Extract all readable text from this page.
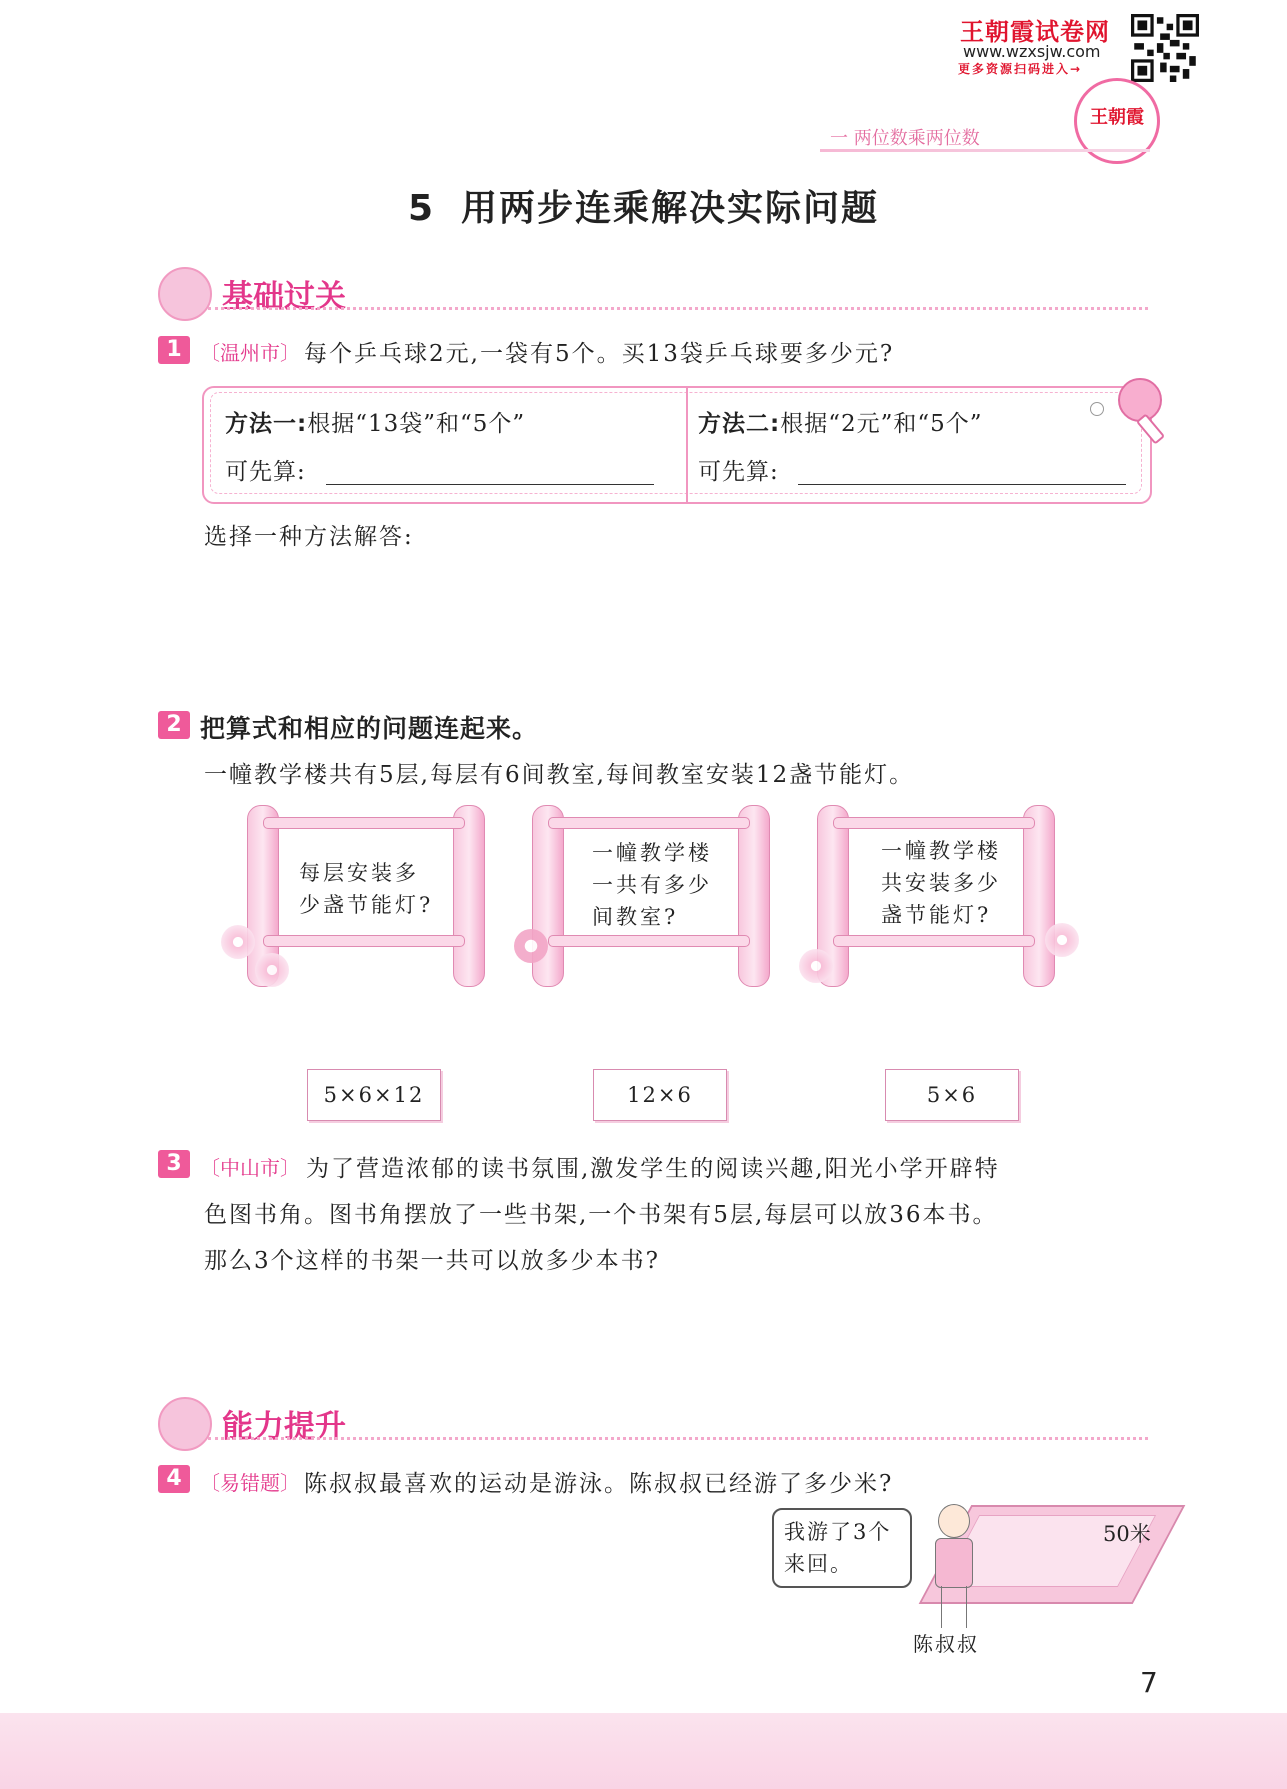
王朝霞试卷网
www.wzxsjw.com
更多资源扫码进入→
王朝霞
一 两位数乘两位数
5 用两步连乘解决实际问题
基础过关
1 〔温州市〕 每个乒乓球2元,一袋有5个。买13袋乒乓球要多少元?
方法一:根据“13袋”和“5个”
可先算:
方法二:根据“2元”和“5个”
可先算:
选择一种方法解答:
2 把算式和相应的问题连起来。
一幢教学楼共有5层,每层有6间教室,每间教室安装12盏节能灯。
每层安装多
少盏节能灯?
一幢教学楼
一共有多少
间教室?
一幢教学楼
共安装多少
盏节能灯?
5×6×12	12×6	5×6
3 〔中山市〕 为了营造浓郁的读书氛围,激发学生的阅读兴趣,阳光小学开辟特
色图书角。图书角摆放了一些书架,一个书架有5层,每层可以放36本书。
那么3个这样的书架一共可以放多少本书?
能力提升
4 〔易错题〕 陈叔叔最喜欢的运动是游泳。陈叔叔已经游了多少米?
我游了3个
来回。
50米
陈叔叔
7
